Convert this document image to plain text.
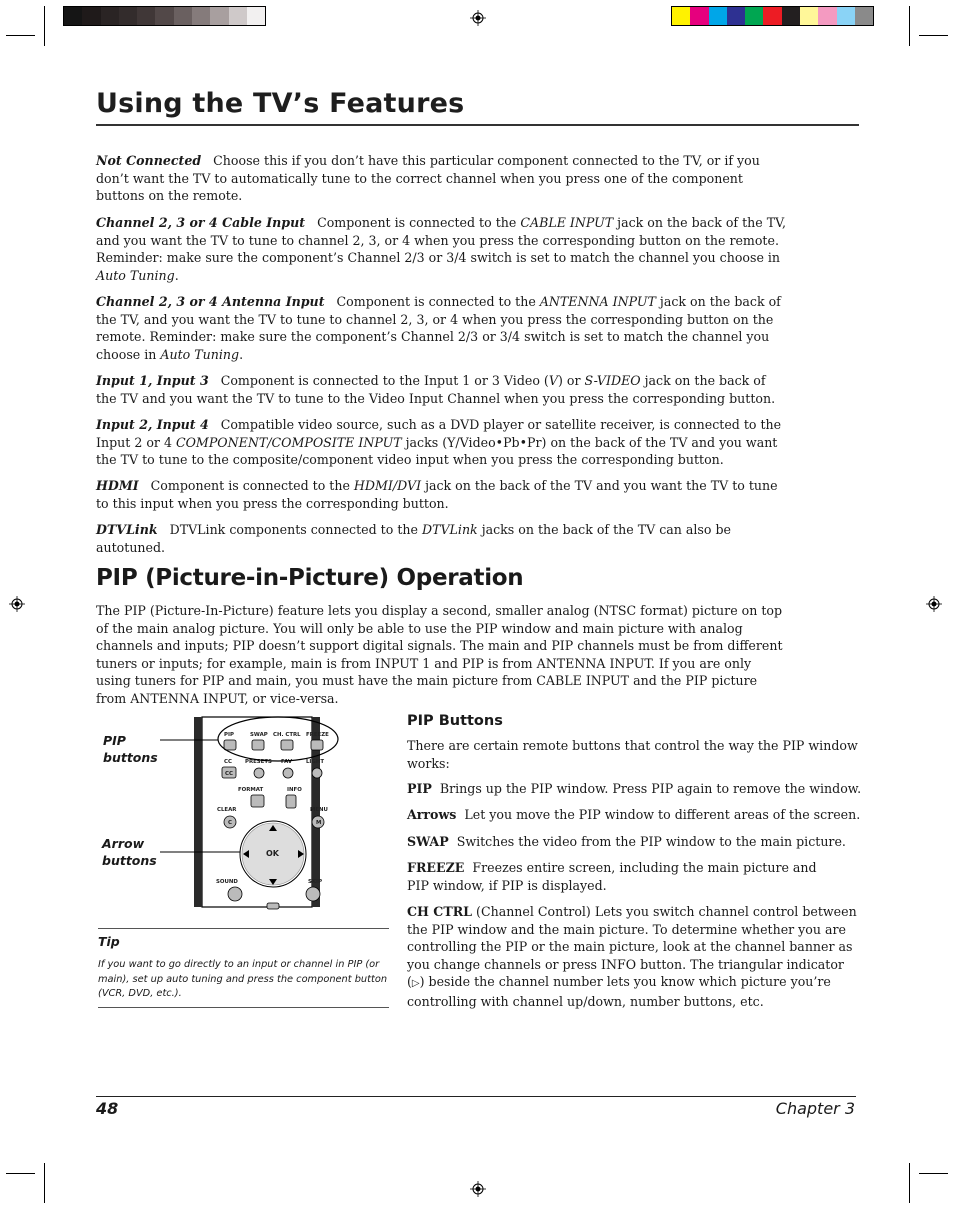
Using the TV’s Features

Not Connected Choose this if you don’t have this particular component connected to the TV, or if you don’t want the TV to automatically tune to the correct channel when you press one of the component buttons on the remote.

Channel 2, 3 or 4 Cable Input Component is connected to the CABLE INPUT jack on the back of the TV, and you want the TV to tune to channel 2, 3, or 4 when you press the corresponding button on the remote. Reminder: make sure the component’s Channel 2/3 or 3/4 switch is set to match the channel you choose in Auto Tuning.

Channel 2, 3 or 4 Antenna Input Component is connected to the ANTENNA INPUT jack on the back of the TV, and you want the TV to tune to channel 2, 3, or 4 when you press the corresponding button on the remote. Reminder: make sure the component’s Channel 2/3 or 3/4 switch is set to match the channel you choose in Auto Tuning.

Input 1, Input 3 Component is connected to the Input 1 or 3 Video (V) or S-VIDEO jack on the back of the TV and you want the TV to tune to the Video Input Channel when you press the corresponding button.

Input 2, Input 4 Compatible video source, such as a DVD player or satellite receiver, is connected to the Input 2 or 4 COMPONENT/COMPOSITE INPUT jacks (Y/Video•Pb•Pr) on the back of the TV and you want the TV to tune to the composite/component video input when you press the corresponding button.

HDMI Component is connected to the HDMI/DVI jack on the back of the TV and you want the TV to tune to this input when you press the corresponding button.

DTVLink DTVLink components connected to the DTVLink jacks on the back of the TV can also be autotuned.

PIP (Picture-in-Picture) Operation

The PIP (Picture-In-Picture) feature lets you display a second, smaller analog (NTSC format) picture on top of the main analog picture. You will only be able to use the PIP window and main picture with analog channels and inputs; PIP doesn’t support digital signals. The main and PIP channels must be from different tuners or inputs; for example, main is from INPUT 1 and PIP is from ANTENNA INPUT. If you are only using tuners for PIP and main, you must have the main picture from CABLE INPUT and the PIP picture from ANTENNA INPUT, or vice-versa.

PIP	SWAP CH. CTRL FREEZE
CC PRESETS FAV	LIGHT
CC
FORMAT	INFO
CLEAR	MENU
C	M
OK
SOUND	SKIP
PIP
buttons
Arrow
buttons
Tip

If you want to go directly to an input or channel in PIP (or main), set up auto tuning and press the component button (VCR, DVD, etc.).

PIP Buttons

There are certain remote buttons that control the way the PIP window works:

PIP Brings up the PIP window. Press PIP again to remove the window.

Arrows Let you move the PIP window to different areas of the screen.

SWAP Switches the video from the PIP window to the main picture.

FREEZE Freezes entire screen, including the main picture and PIP window, if PIP is displayed.

CH CTRL (Channel Control) Lets you switch channel control between the PIP window and the main picture. To determine whether you are controlling the PIP or the main picture, look at the channel banner as you change channels or press INFO button. The triangular indicator (▷) beside the channel number lets you know which picture you’re controlling with channel up/down, number buttons, etc.

48	Chapter 3
